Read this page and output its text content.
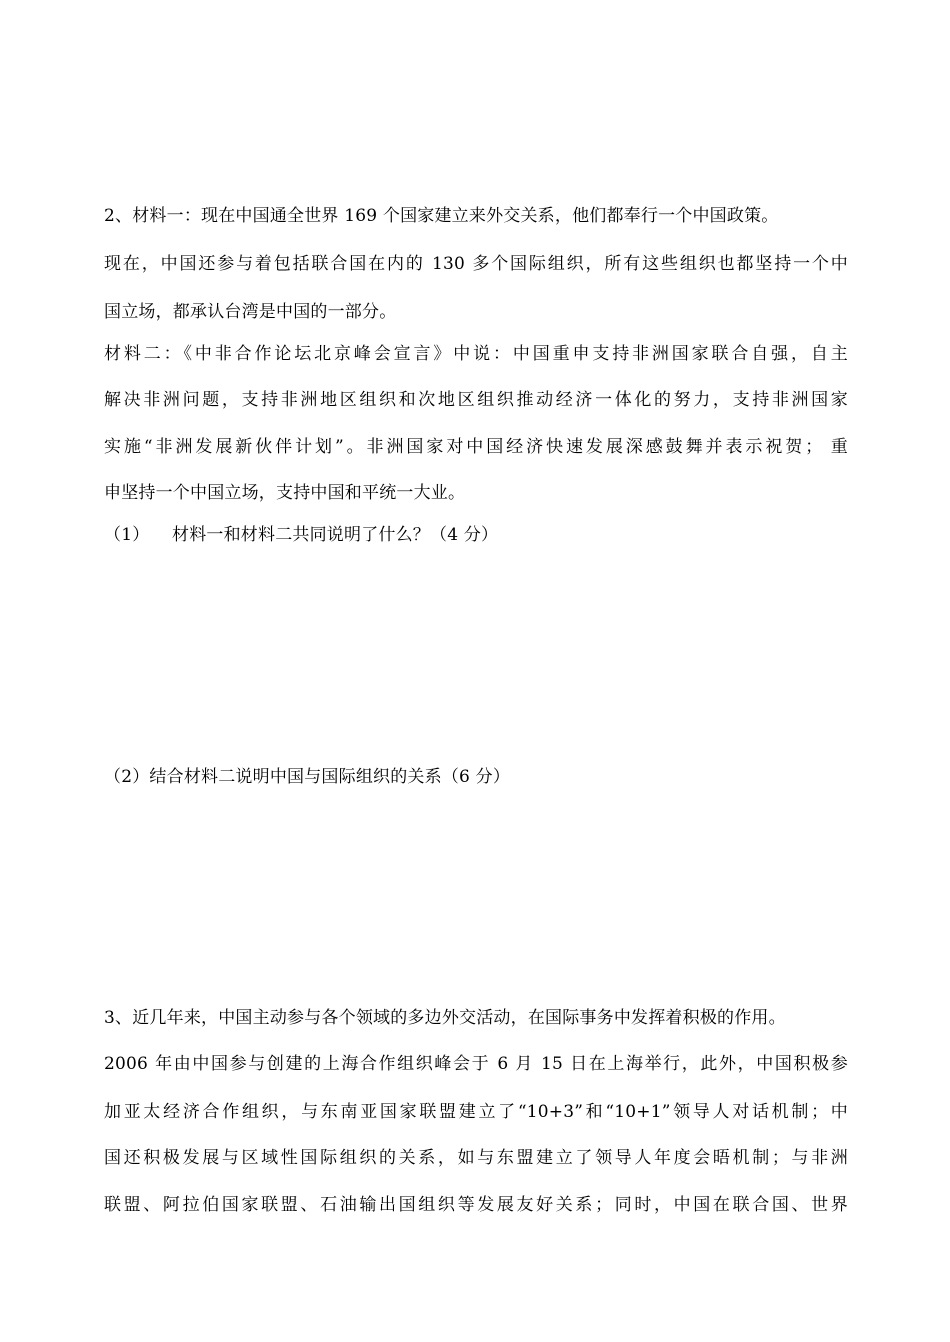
2、材料一：现在中国通全世界 169 个国家建立来外交关系，他们都奉行一个中国政策。
现在，中国还参与着包括联合国在内的 130 多个国际组织，所有这些组织也都坚持一个中
国立场，都承认台湾是中国的一部分。
材料二：《中非合作论坛北京峰会宣言》中说：中国重申支持非洲国家联合自强，自主
解决非洲问题，支持非洲地区组织和次地区组织推动经济一体化的努力，支持非洲国家
实施“非洲发展新伙伴计划”。非洲国家对中国经济快速发展深感鼓舞并表示祝贺； 重
申坚持一个中国立场，支持中国和平统一大业。
（1） 材料一和材料二共同说明了什么？（4 分）
（2）结合材料二说明中国与国际组织的关系（6 分）
3、近几年来，中国主动参与各个领域的多边外交活动，在国际事务中发挥着积极的作用。
2006 年由中国参与创建的上海合作组织峰会于 6 月 15 日在上海举行，此外，中国积极参
加亚太经济合作组织，与东南亚国家联盟建立了“10+3”和“10+1”领导人对话机制；中
国还积极发展与区域性国际组织的关系，如与东盟建立了领导人年度会晤机制；与非洲
联盟、阿拉伯国家联盟、石油输出国组织等发展友好关系；同时，中国在联合国、世界
